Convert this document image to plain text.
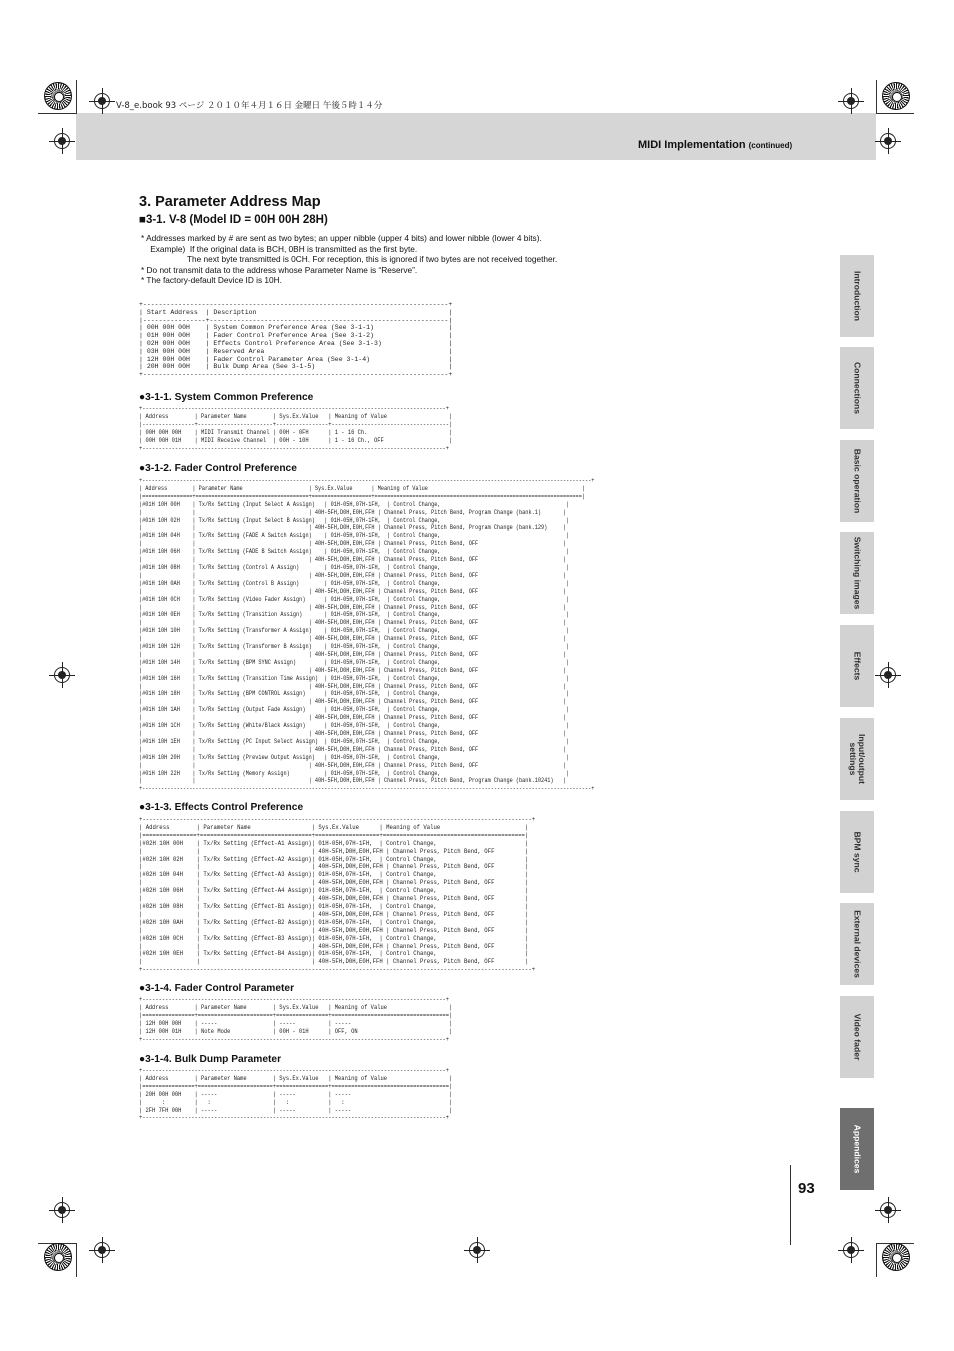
V-8_e.book 93 ページ ２０１０年４月１６日 金曜日 午後５時１４分
MIDI Implementation (continued)
3. Parameter Address Map
■3-1. V-8 (Model ID = 00H 00H 28H)
* Addresses marked by # are sent as two bytes; an upper nibble (upper 4 bits) and lower nibble (lower 4 bits).
Example)  If the original data is BCH, 0BH is transmitted as the first byte.
The next byte transmitted is 0CH. For reception, this is ignored if two bytes are not received together.
* Do not transmit data to the address whose Parameter Name is “Reserve”.
* The factory-default Device ID is 10H.
+------------------------------------------------------------------------------+
| Start Address  | Description                                                 |
|----------------+-------------------------------------------------------------|
| 00H 00H 00H    | System Common Preference Area (See 3-1-1)                   |
| 01H 00H 00H    | Fader Control Preference Area (See 3-1-2)                   |
| 02H 00H 00H    | Effects Control Preference Area (See 3-1-3)                 |
| 03H 00H 00H    | Reserved Area                                               |
| 12H 00H 00H    | Fader Control Parameter Area (See 3-1-4)                    |
| 20H 00H 00H    | Bulk Dump Area (See 3-1-5)                                  |
+------------------------------------------------------------------------------+
●3-1-1. System Common Preference
+---------------------------------------------------------------------------------------------+
| Address        | Parameter Name        | Sys.Ex.Value   | Meaning of Value                   |
|----------------+-----------------------+----------------+------------------------------------|
| 00H 00H 00H    | MIDI Transmit Channel | 00H - 0FH      | 1 - 16 Ch.                         |
| 00H 00H 01H    | MIDI Receive Channel  | 00H - 10H      | 1 - 16 Ch., OFF                    |
+---------------------------------------------------------------------------------------------+
●3-1-2. Fader Control Preference
+-----------------------------------------------------------------------------------------------------------------------------------------------+
| Address        | Parameter Name                     | Sys.Ex.Value      | Meaning of Value                                                 |
|================+====================================+===================+==================================================================|
|#01H 10H 00H    | Tx/Rx Setting (Input Select A Assign)   | 01H-05H,07H-1FH,  | Control Change,                                        |
|                |                                    | 40H-5FH,D0H,E0H,FFH | Channel Press, Pitch Bend, Program Change (bank.1)       |
|#01H 10H 02H    | Tx/Rx Setting (Input Select B Assign)   | 01H-05H,07H-1FH,  | Control Change,                                        |
|                |                                    | 40H-5FH,D0H,E0H,FFH | Channel Press, Pitch Bend, Program Change (bank.129)     |
|#01H 10H 04H    | Tx/Rx Setting (FADE A Switch Assign)    | 01H-05H,07H-1FH,  | Control Change,                                        |
|                |                                    | 40H-5FH,D0H,E0H,FFH | Channel Press, Pitch Bend, OFF                           |
|#01H 10H 06H    | Tx/Rx Setting (FADE B Switch Assign)    | 01H-05H,07H-1FH,  | Control Change,                                        |
|                |                                    | 40H-5FH,D0H,E0H,FFH | Channel Press, Pitch Bend, OFF                           |
|#01H 10H 08H    | Tx/Rx Setting (Control A Assign)        | 01H-05H,07H-1FH,  | Control Change,                                        |
|                |                                    | 40H-5FH,D0H,E0H,FFH | Channel Press, Pitch Bend, OFF                           |
|#01H 10H 0AH    | Tx/Rx Setting (Control B Assign)        | 01H-05H,07H-1FH,  | Control Change,                                        |
|                |                                    | 40H-5FH,D0H,E0H,FFH | Channel Press, Pitch Bend, OFF                           |
|#01H 10H 0CH    | Tx/Rx Setting (Video Fader Assign)      | 01H-05H,07H-1FH,  | Control Change,                                        |
|                |                                    | 40H-5FH,D0H,E0H,FFH | Channel Press, Pitch Bend, OFF                           |
|#01H 10H 0EH    | Tx/Rx Setting (Transition Assign)       | 01H-05H,07H-1FH,  | Control Change,                                        |
|                |                                    | 40H-5FH,D0H,E0H,FFH | Channel Press, Pitch Bend, OFF                           |
|#01H 10H 10H    | Tx/Rx Setting (Transformer A Assign)    | 01H-05H,07H-1FH,  | Control Change,                                        |
|                |                                    | 40H-5FH,D0H,E0H,FFH | Channel Press, Pitch Bend, OFF                           |
|#01H 10H 12H    | Tx/Rx Setting (Transformer B Assign)    | 01H-05H,07H-1FH,  | Control Change,                                        |
|                |                                    | 40H-5FH,D0H,E0H,FFH | Channel Press, Pitch Bend, OFF                           |
|#01H 10H 14H    | Tx/Rx Setting (BPM SYNC Assign)         | 01H-05H,07H-1FH,  | Control Change,                                        |
|                |                                    | 40H-5FH,D0H,E0H,FFH | Channel Press, Pitch Bend, OFF                           |
|#01H 10H 16H    | Tx/Rx Setting (Transition Time Assign)  | 01H-05H,07H-1FH,  | Control Change,                                        |
|                |                                    | 40H-5FH,D0H,E0H,FFH | Channel Press, Pitch Bend, OFF                           |
|#01H 10H 18H    | Tx/Rx Setting (BPM CONTROL Assign)      | 01H-05H,07H-1FH,  | Control Change,                                        |
|                |                                    | 40H-5FH,D0H,E0H,FFH | Channel Press, Pitch Bend, OFF                           |
|#01H 10H 1AH    | Tx/Rx Setting (Output Fade Assign)      | 01H-05H,07H-1FH,  | Control Change,                                        |
|                |                                    | 40H-5FH,D0H,E0H,FFH | Channel Press, Pitch Bend, OFF                           |
|#01H 10H 1CH    | Tx/Rx Setting (White/Black Assign)      | 01H-05H,07H-1FH,  | Control Change,                                        |
|                |                                    | 40H-5FH,D0H,E0H,FFH | Channel Press, Pitch Bend, OFF                           |
|#01H 10H 1EH    | Tx/Rx Setting (PC Input Select Assign)  | 01H-05H,07H-1FH,  | Control Change,                                        |
|                |                                    | 40H-5FH,D0H,E0H,FFH | Channel Press, Pitch Bend, OFF                           |
|#01H 10H 20H    | Tx/Rx Setting (Preview Output Assign)   | 01H-05H,07H-1FH,  | Control Change,                                        |
|                |                                    | 40H-5FH,D0H,E0H,FFH | Channel Press, Pitch Bend, OFF                           |
|#01H 10H 22H    | Tx/Rx Setting (Memory Assign)           | 01H-05H,07H-1FH,  | Control Change,                                        |
|                |                                    | 40H-5FH,D0H,E0H,FFH | Channel Press, Pitch Bend, Program Change (bank.10241)   |
+-----------------------------------------------------------------------------------------------------------------------------------------------+
●3-1-3. Effects Control Preference
+-------------------------------------------------------------------------------------------------------------------+
| Address        | Parameter Name                  | Sys.Ex.Value      | Meaning of Value                         |
|================+=================================+===================+==========================================|
|#02H 10H 00H    | Tx/Rx Setting (Effect-A1 Assign)| 01H-05H,07H-1FH,  | Control Change,                          |
|                |                                 | 40H-5FH,D0H,E0H,FFH | Channel Press, Pitch Bend, OFF         |
|#02H 10H 02H    | Tx/Rx Setting (Effect-A2 Assign)| 01H-05H,07H-1FH,  | Control Change,                          |
|                |                                 | 40H-5FH,D0H,E0H,FFH | Channel Press, Pitch Bend, OFF         |
|#02H 10H 04H    | Tx/Rx Setting (Effect-A3 Assign)| 01H-05H,07H-1FH,  | Control Change,                          |
|                |                                 | 40H-5FH,D0H,E0H,FFH | Channel Press, Pitch Bend, OFF         |
|#02H 10H 06H    | Tx/Rx Setting (Effect-A4 Assign)| 01H-05H,07H-1FH,  | Control Change,                          |
|                |                                 | 40H-5FH,D0H,E0H,FFH | Channel Press, Pitch Bend, OFF         |
|#02H 10H 08H    | Tx/Rx Setting (Effect-B1 Assign)| 01H-05H,07H-1FH,  | Control Change,                          |
|                |                                 | 40H-5FH,D0H,E0H,FFH | Channel Press, Pitch Bend, OFF         |
|#02H 10H 0AH    | Tx/Rx Setting (Effect-B2 Assign)| 01H-05H,07H-1FH,  | Control Change,                          |
|                |                                 | 40H-5FH,D0H,E0H,FFH | Channel Press, Pitch Bend, OFF         |
|#02H 10H 0CH    | Tx/Rx Setting (Effect-B3 Assign)| 01H-05H,07H-1FH,  | Control Change,                          |
|                |                                 | 40H-5FH,D0H,E0H,FFH | Channel Press, Pitch Bend, OFF         |
|#02H 10H 0EH    | Tx/Rx Setting (Effect-B4 Assign)| 01H-05H,07H-1FH,  | Control Change,                          |
|                |                                 | 40H-5FH,D0H,E0H,FFH | Channel Press, Pitch Bend, OFF         |
+-------------------------------------------------------------------------------------------------------------------+
●3-1-4. Fader Control Parameter
+---------------------------------------------------------------------------------------------+
| Address        | Parameter Name        | Sys.Ex.Value   | Meaning of Value                   |
|================+=======================+================+====================================|
| 12H 00H 00H    | -----                 | -----          | -----                              |
| 12H 00H 01H    | Note Mode             | 00H - 01H      | OFF, ON                            |
+---------------------------------------------------------------------------------------------+
●3-1-4. Bulk Dump Parameter
+---------------------------------------------------------------------------------------------+
| Address        | Parameter Name        | Sys.Ex.Value   | Meaning of Value                   |
|================+=======================+================+====================================|
| 20H 00H 00H    | -----                 | -----          | -----                              |
|      :         |   :                   |   :            |   :                                |
| 2FH 7FH 00H    | -----                 | -----          | -----                              |
+---------------------------------------------------------------------------------------------+
Introduction
Connections
Basic operation
Switching images
Effects
Input/output
settings
BPM sync
External devices
Video fader
Appendices
93
